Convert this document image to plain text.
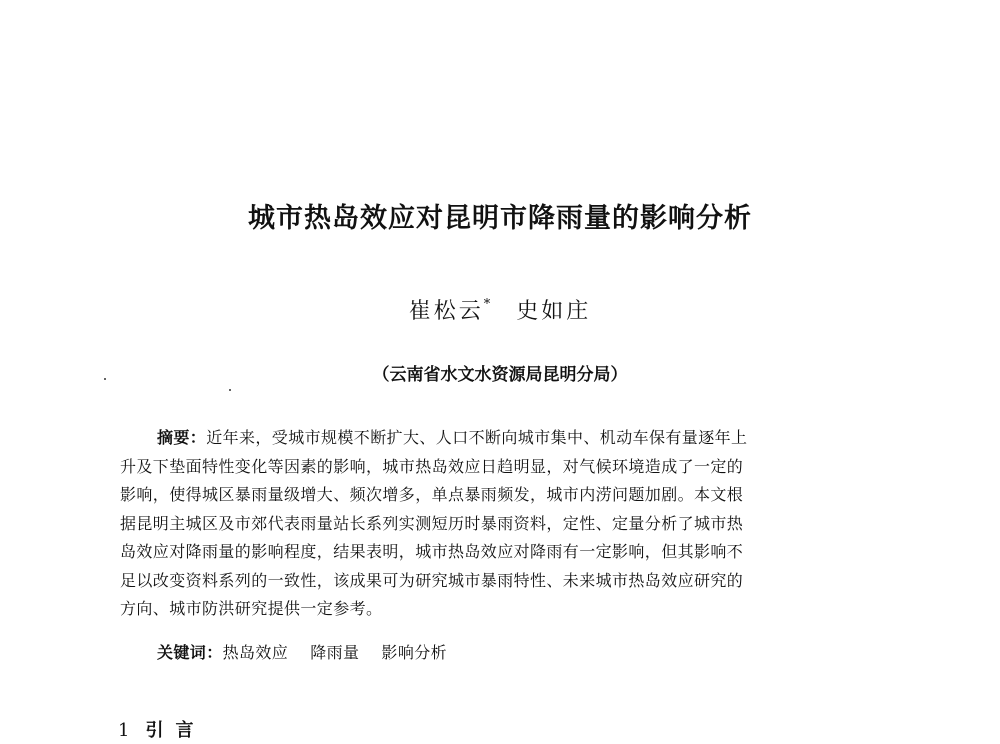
城市热岛效应对昆明市降雨量的影响分析
崔松云* 史如庄
（云南省水文水资源局昆明分局）
摘要：近年来，受城市规模不断扩大、人口不断向城市集中、机动车保有量逐年上
升及下垫面特性变化等因素的影响，城市热岛效应日趋明显，对气候环境造成了一定的
影响，使得城区暴雨量级增大、频次增多，单点暴雨频发，城市内涝问题加剧。本文根
据昆明主城区及市郊代表雨量站长系列实测短历时暴雨资料，定性、定量分析了城市热
岛效应对降雨量的影响程度，结果表明，城市热岛效应对降雨有一定影响，但其影响不
足以改变资料系列的一致性，该成果可为研究城市暴雨特性、未来城市热岛效应研究的
方向、城市防洪研究提供一定参考。
关键词：热岛效应 降雨量 影响分析
1 引言
